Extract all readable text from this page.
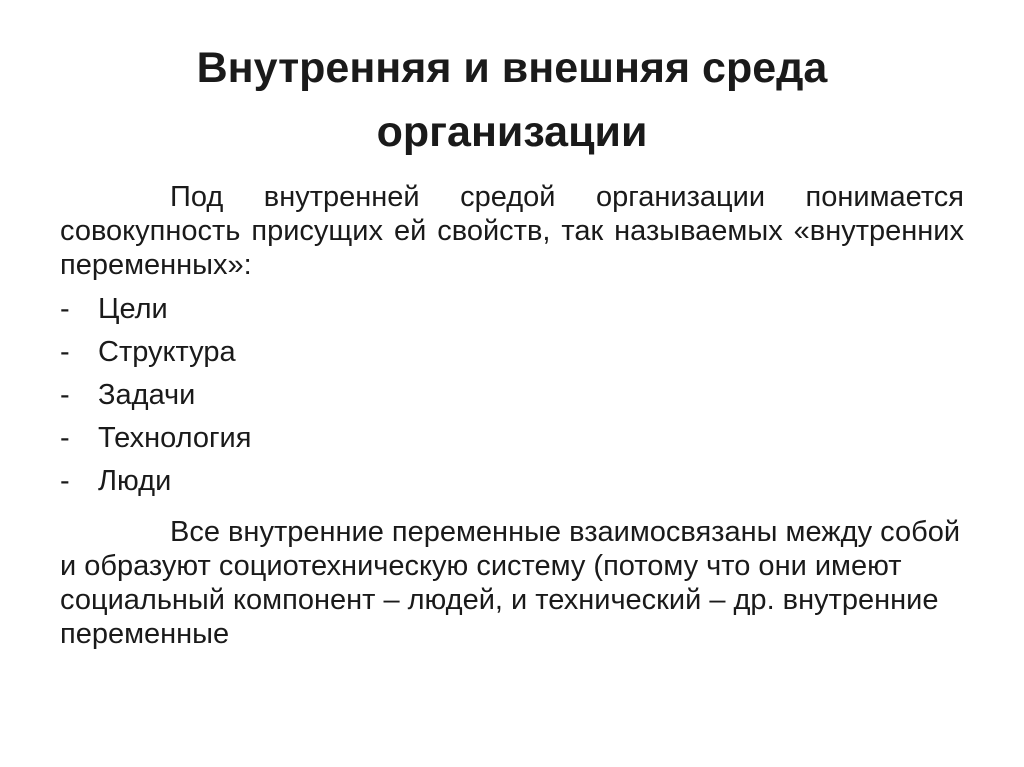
Внутренняя и внешняя среда организации

Под внутренней средой организации понимается совокупность присущих ей свойств, так называемых «внутренних переменных»:

- Цели
- Структура
- Задачи
- Технология
- Люди

Все внутренние переменные взаимосвязаны между собой и образуют социотехническую систему (потому что они имеют социальный компонент – людей, и технический – др. внутренние переменные
